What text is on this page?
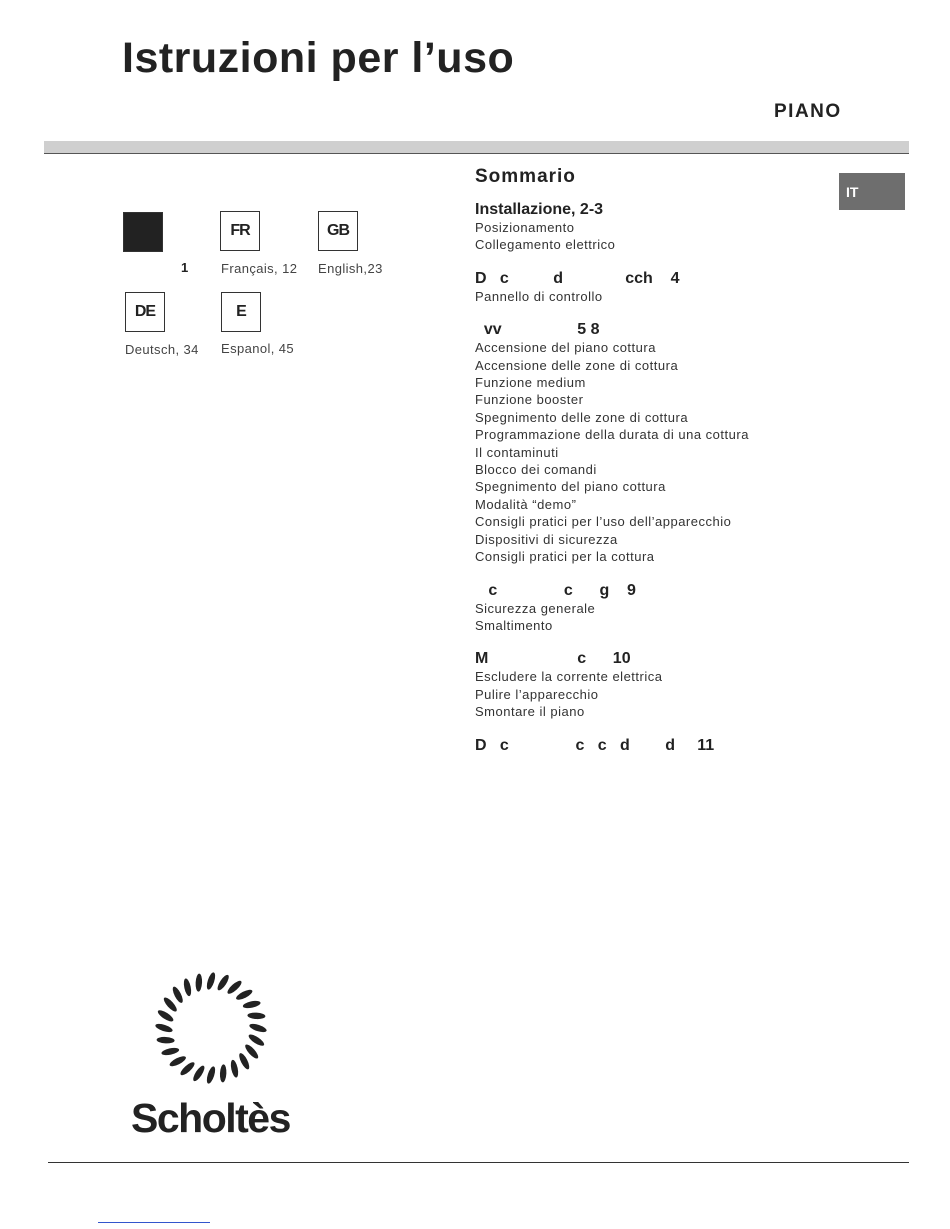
Istruzioni per l’uso
PIANO
IT
1
FR
Français, 12
GB
English,23
DE
Deutsch, 34
E
Espanol, 45
Sommario
Installazione, 2-3
Posizionamento
Collegamento elettrico
D   c          d              cch    4
Pannello di controllo
vv                 5 8
Accensione del piano cottura
Accensione delle zone di cottura
Funzione medium
Funzione booster
Spegnimento delle zone di cottura
Programmazione della durata di una cottura
Il contaminuti
Blocco dei comandi
Spegnimento del piano cottura
Modalità “demo”
Consigli pratici per l’uso dell’apparecchio
Dispositivi di sicurezza
Consigli pratici per la cottura
c               c      g    9
Sicurezza generale
Smaltimento
M                    c      10
Escludere la corrente elettrica
Pulire l’apparecchio
Smontare il piano
D   c               c   c   d        d     11
Scholtès
